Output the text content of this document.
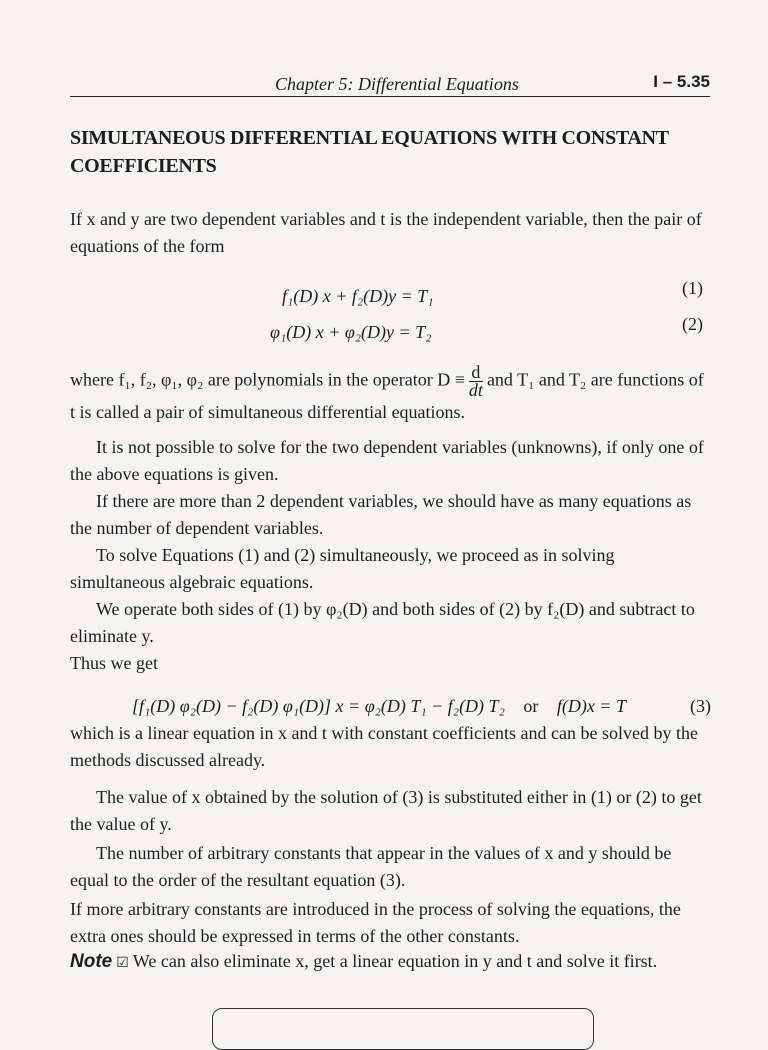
Chapter 5: Differential Equations	I – 5.35
SIMULTANEOUS DIFFERENTIAL EQUATIONS WITH CONSTANT COEFFICIENTS

If x and y are two dependent variables and t is the independent variable, then the pair of equations of the form

f₁(D) x + f₂(D)y = T₁	(1)
φ₁(D) x + φ₂(D)y = T₂	(2)

where f₁, f₂, φ₁, φ₂ are polynomials in the operator $D \equiv \frac{d}{dt}$ and T₁ and T₂ are functions of t is called a pair of simultaneous differential equations.

It is not possible to solve for the two dependent variables (unknowns), if only one of the above equations is given.

If there are more than 2 dependent variables, we should have as many equations as the number of dependent variables.

To solve Equations (1) and (2) simultaneously, we proceed as in solving simultaneous algebraic equations.

We operate both sides of (1) by φ₂(D) and both sides of (2) by f₂(D) and subtract to eliminate y.

Thus we get

[f₁(D) φ₂(D) − f₂(D) φ₁(D)] x = φ₂(D) T₁ − f₂(D) T₂ or f(D)x = T	(3)

which is a linear equation in x and t with constant coefficients and can be solved by the methods discussed already.

The value of x obtained by the solution of (3) is substituted either in (1) or (2) to get the value of y.

The number of arbitrary constants that appear in the values of x and y should be equal to the order of the resultant equation (3).

If more arbitrary constants are introduced in the process of solving the equations, the extra ones should be expressed in terms of the other constants.

Note ☑ We can also eliminate x, get a linear equation in y and t and solve it first.
